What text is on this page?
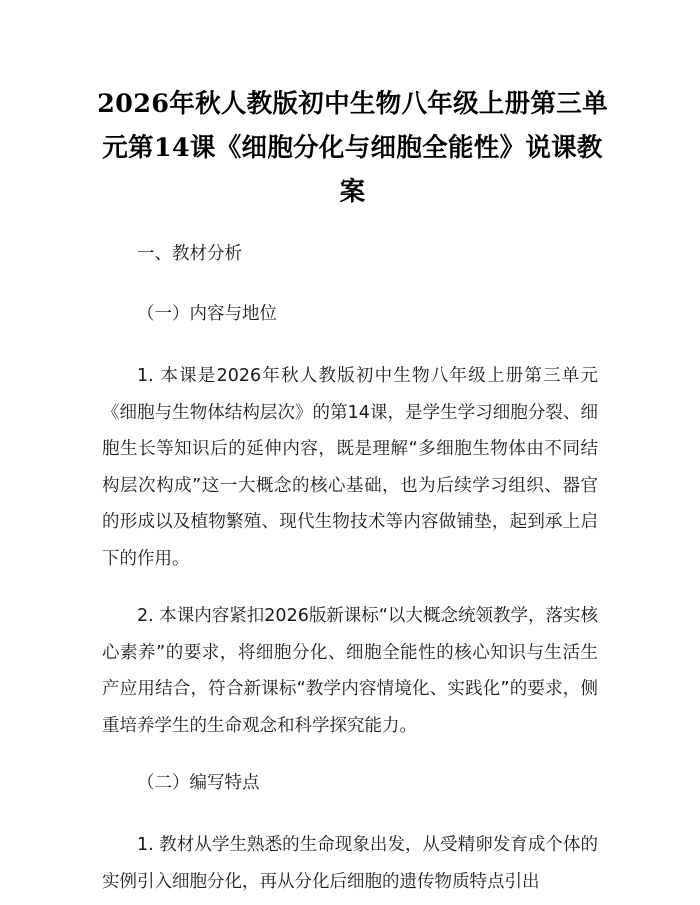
2026年秋人教版初中生物八年级上册第三单元第14课《细胞分化与细胞全能性》说课教案

一、教材分析

（一）内容与地位

1. 本课是2026年秋人教版初中生物八年级上册第三单元《细胞与生物体结构层次》的第14课，是学生学习细胞分裂、细胞生长等知识后的延伸内容，既是理解“多细胞生物体由不同结构层次构成”这一大概念的核心基础，也为后续学习组织、器官的形成以及植物繁殖、现代生物技术等内容做铺垫，起到承上启下的作用。

2. 本课内容紧扣2026版新课标“以大概念统领教学，落实核心素养”的要求，将细胞分化、细胞全能性的核心知识与生活生产应用结合，符合新课标“教学内容情境化、实践化”的要求，侧重培养学生的生命观念和科学探究能力。

（二）编写特点

1. 教材从学生熟悉的生命现象出发，从受精卵发育成个体的实例引入细胞分化，再从分化后细胞的遗传物质特点引出
